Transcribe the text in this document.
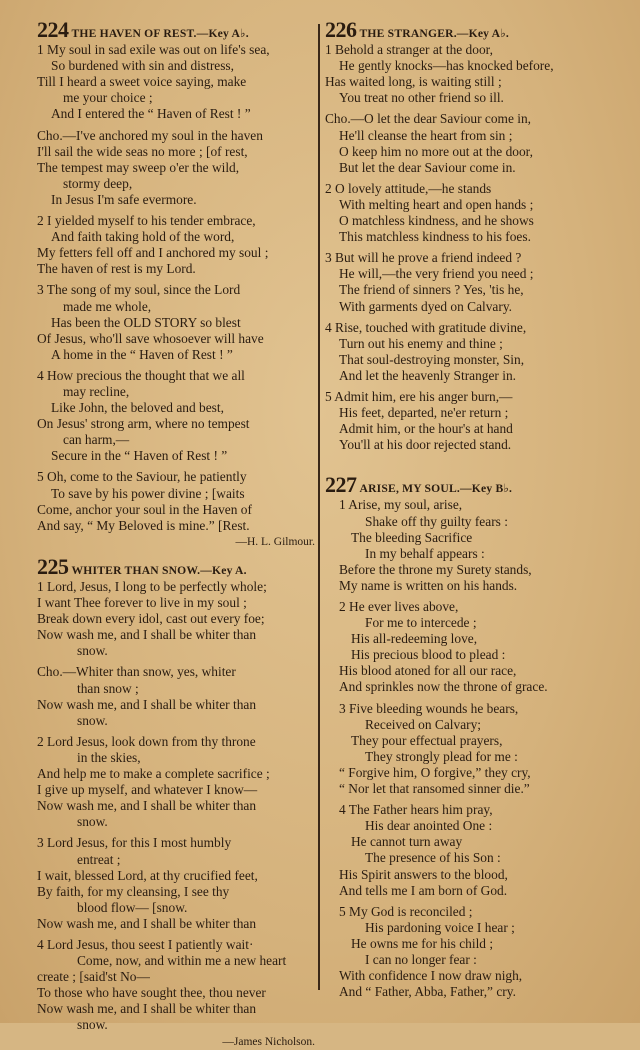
224 THE HAVEN OF REST.—Key A♭.
1 My soul in sad exile was out on life's sea,
So burdened with sin and distress,
Till I heard a sweet voice saying, make
me your choice ;
And I entered the “ Haven of Rest ! ”
Cho.—I've anchored my soul in the haven
I'll sail the wide seas no more ; [of rest,
The tempest may sweep o'er the wild,
stormy deep,
In Jesus I'm safe evermore.
2 I yielded myself to his tender embrace,
And faith taking hold of the word,
My fetters fell off and I anchored my soul ;
The haven of rest is my Lord.
3 The song of my soul, since the Lord
made me whole,
Has been the OLD STORY so blest
Of Jesus, who'll save whosoever will have
A home in the “ Haven of Rest ! ”
4 How precious the thought that we all
may recline,
Like John, the beloved and best,
On Jesus' strong arm, where no tempest
can harm,—
Secure in the “ Haven of Rest ! ”
5 Oh, come to the Saviour, he patiently
To save by his power divine ; [waits
Come, anchor your soul in the Haven of
And say, “ My Beloved is mine.” [Rest.
—H. L. Gilmour.
225 WHITER THAN SNOW.—Key A.
1 Lord, Jesus, I long to be perfectly whole;
I want Thee forever to live in my soul ;
Break down every idol, cast out every foe;
Now wash me, and I shall be whiter than
snow.
Cho.—Whiter than snow, yes, whiter
than snow ;
Now wash me, and I shall be whiter than
snow.
2 Lord Jesus, look down from thy throne
in the skies,
And help me to make a complete sacrifice ;
I give up myself, and whatever I know—
Now wash me, and I shall be whiter than
snow.
3 Lord Jesus, for this I most humbly
entreat ;
I wait, blessed Lord, at thy crucified feet,
By faith, for my cleansing, I see thy
blood flow— [snow.
Now wash me, and I shall be whiter than
4 Lord Jesus, thou seest I patiently wait·
Come, now, and within me a new heart
create ; [said'st No—
To those who have sought thee, thou never
Now wash me, and I shall be whiter than
snow.
—James Nicholson.
226 THE STRANGER.—Key A♭.
1 Behold a stranger at the door,
He gently knocks—has knocked before,
Has waited long, is waiting still ;
You treat no other friend so ill.
Cho.—O let the dear Saviour come in,
He'll cleanse the heart from sin ;
O keep him no more out at the door,
But let the dear Saviour come in.
2 O lovely attitude,—he stands
With melting heart and open hands ;
O matchless kindness, and he shows
This matchless kindness to his foes.
3 But will he prove a friend indeed ?
He will,—the very friend you need ;
The friend of sinners ? Yes, 'tis he,
With garments dyed on Calvary.
4 Rise, touched with gratitude divine,
Turn out his enemy and thine ;
That soul-destroying monster, Sin,
And let the heavenly Stranger in.
5 Admit him, ere his anger burn,—
His feet, departed, ne'er return ;
Admit him, or the hour's at hand
You'll at his door rejected stand.
227 ARISE, MY SOUL.—Key B♭.
1 Arise, my soul, arise,
Shake off thy guilty fears :
The bleeding Sacrifice
In my behalf appears :
Before the throne my Surety stands,
My name is written on his hands.
2 He ever lives above,
For me to intercede ;
His all-redeeming love,
His precious blood to plead :
His blood atoned for all our race,
And sprinkles now the throne of grace.
3 Five bleeding wounds he bears,
Received on Calvary;
They pour effectual prayers,
They strongly plead for me :
“ Forgive him, O forgive,” they cry,
“ Nor let that ransomed sinner die.”
4 The Father hears him pray,
His dear anointed One :
He cannot turn away
The presence of his Son :
His Spirit answers to the blood,
And tells me I am born of God.
5 My God is reconciled ;
His pardoning voice I hear ;
He owns me for his child ;
I can no longer fear :
With confidence I now draw nigh,
And “ Father, Abba, Father,” cry.
